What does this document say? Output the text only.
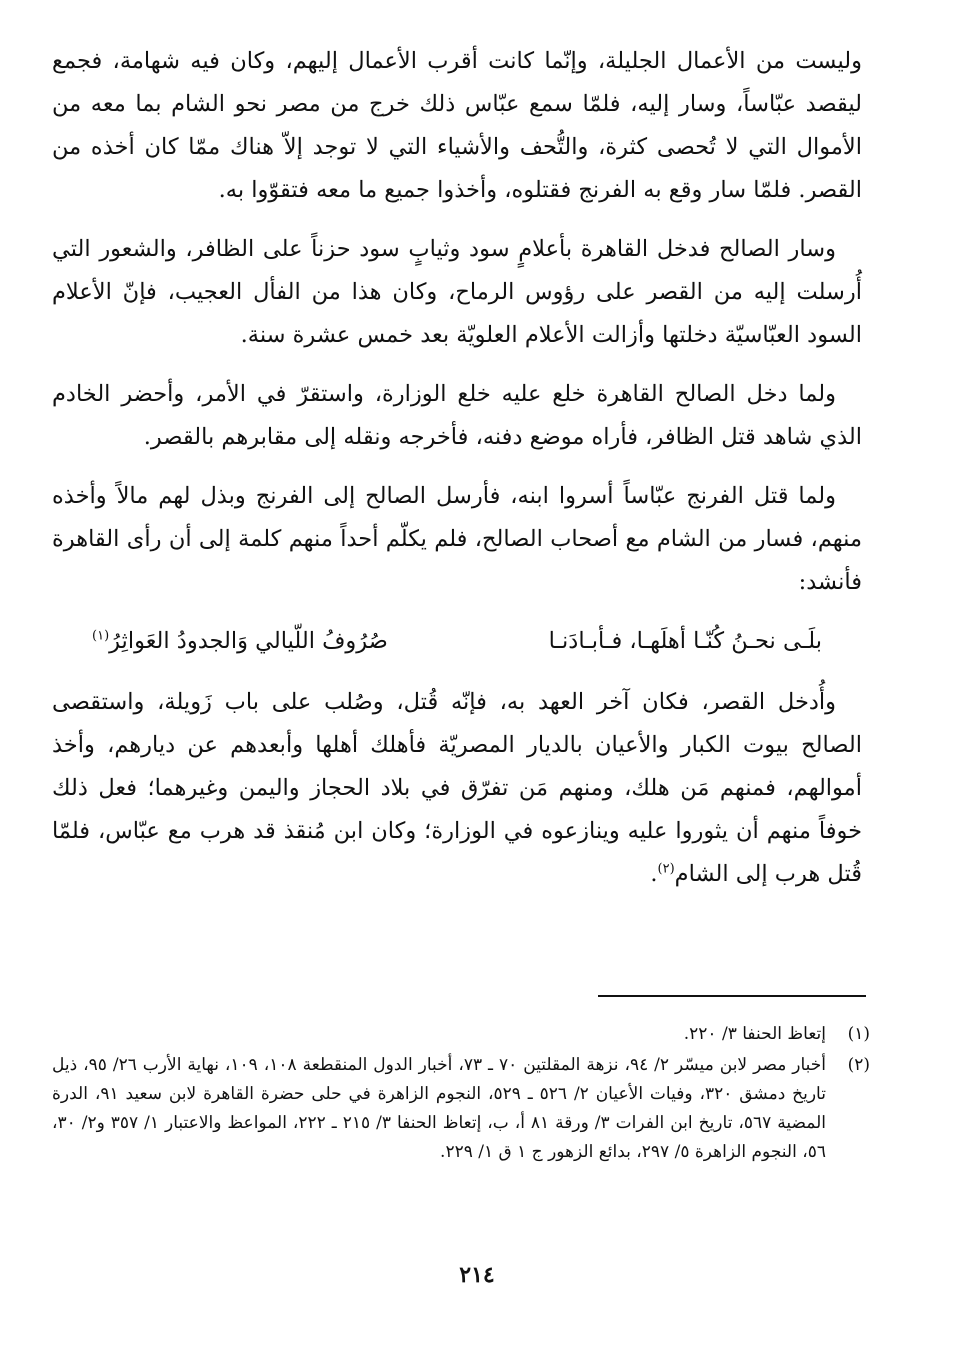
وليست من الأعمال الجليلة، وإنّما كانت أقرب الأعمال إليهم، وكان فيه شهامة، فجمع ليقصد عبّاساً، وسار إليه، فلمّا سمع عبّاس ذلك خرج من مصر نحو الشام بما معه من الأموال التي لا تُحصى كثرة، والتُّحف والأشياء التي لا توجد إلاّ هناك ممّا كان أخذه من القصر. فلمّا سار وقع به الفرنج فقتلوه، وأخذوا جميع ما معه فتقوّوا به.

وسار الصالح فدخل القاهرة بأعلامٍ سود وثيابٍ سود حزناً على الظافر، والشعور التي أُرسلت إليه من القصر على رؤوس الرماح، وكان هذا من الفأل العجيب، فإنّ الأعلام السود العبّاسيّة دخلتها وأزالت الأعلام العلويّة بعد خمس عشرة سنة.

ولما دخل الصالح القاهرة خلع عليه خلع الوزارة، واستقرّ في الأمر، وأحضر الخادم الذي شاهد قتل الظافر، فأراه موضع دفنه، فأخرجه ونقله إلى مقابرهم بالقصر.

ولما قتل الفرنج عبّاساً أسروا ابنه، فأرسل الصالح إلى الفرنج وبذل لهم مالاً وأخذه منهم، فسار من الشام مع أصحاب الصالح، فلم يكلّم أحداً منهم كلمة إلى أن رأى القاهرة فأنشد:

بلَـى نحـنُ كُنّـا أهلَهـا، فـأبـادَنـا
صُرُوفُ اللّيالي وَالجدودُ العَواثِرُ$^{(١)}$

وأُدخل القصر، فكان آخر العهد به، فإنّه قُتل، وصُلب على باب زَويلة، واستقصى الصالح بيوت الكبار والأعيان بالديار المصريّة فأهلك أهلها وأبعدهم عن ديارهم، وأخذ أموالهم، فمنهم مَن هلك، ومنهم مَن تفرّق في بلاد الحجاز واليمن وغيرهما؛ فعل ذلك خوفاً منهم أن يثوروا عليه وينازعوه في الوزارة؛ وكان ابن مُنقذ قد هرب مع عبّاس، فلمّا قُتل هرب إلى الشام$^{(٢)}$.

(١)
إتعاظ الحنفا ٣/ ٢٢٠.
(٢)
أخبار مصر لابن ميسّر ٢/ ٩٤، نزهة المقلتين ٧٠ ـ ٧٣، أخبار الدول المنقطعة ١٠٨، ١٠٩، نهاية الأرب ٢٦/ ٩٥، ذيل تاريخ دمشق ٣٢٠، وفيات الأعيان ٢/ ٥٢٦ ـ ٥٢٩، النجوم الزاهرة في حلى حضرة القاهرة لابن سعيد ٩١، الدرة المضية ٥٦٧، تاريخ ابن الفرات ٣/ ورقة ٨١ أ، ب، إتعاظ الحنفا ٣/ ٢١٥ ـ ٢٢٢، المواعظ والاعتبار ١/ ٣٥٧ و٢/ ٣٠، ٥٦، النجوم الزاهرة ٥/ ٢٩٧، بدائع الزهور ج ١ ق ١/ ٢٢٩.
٢١٤
